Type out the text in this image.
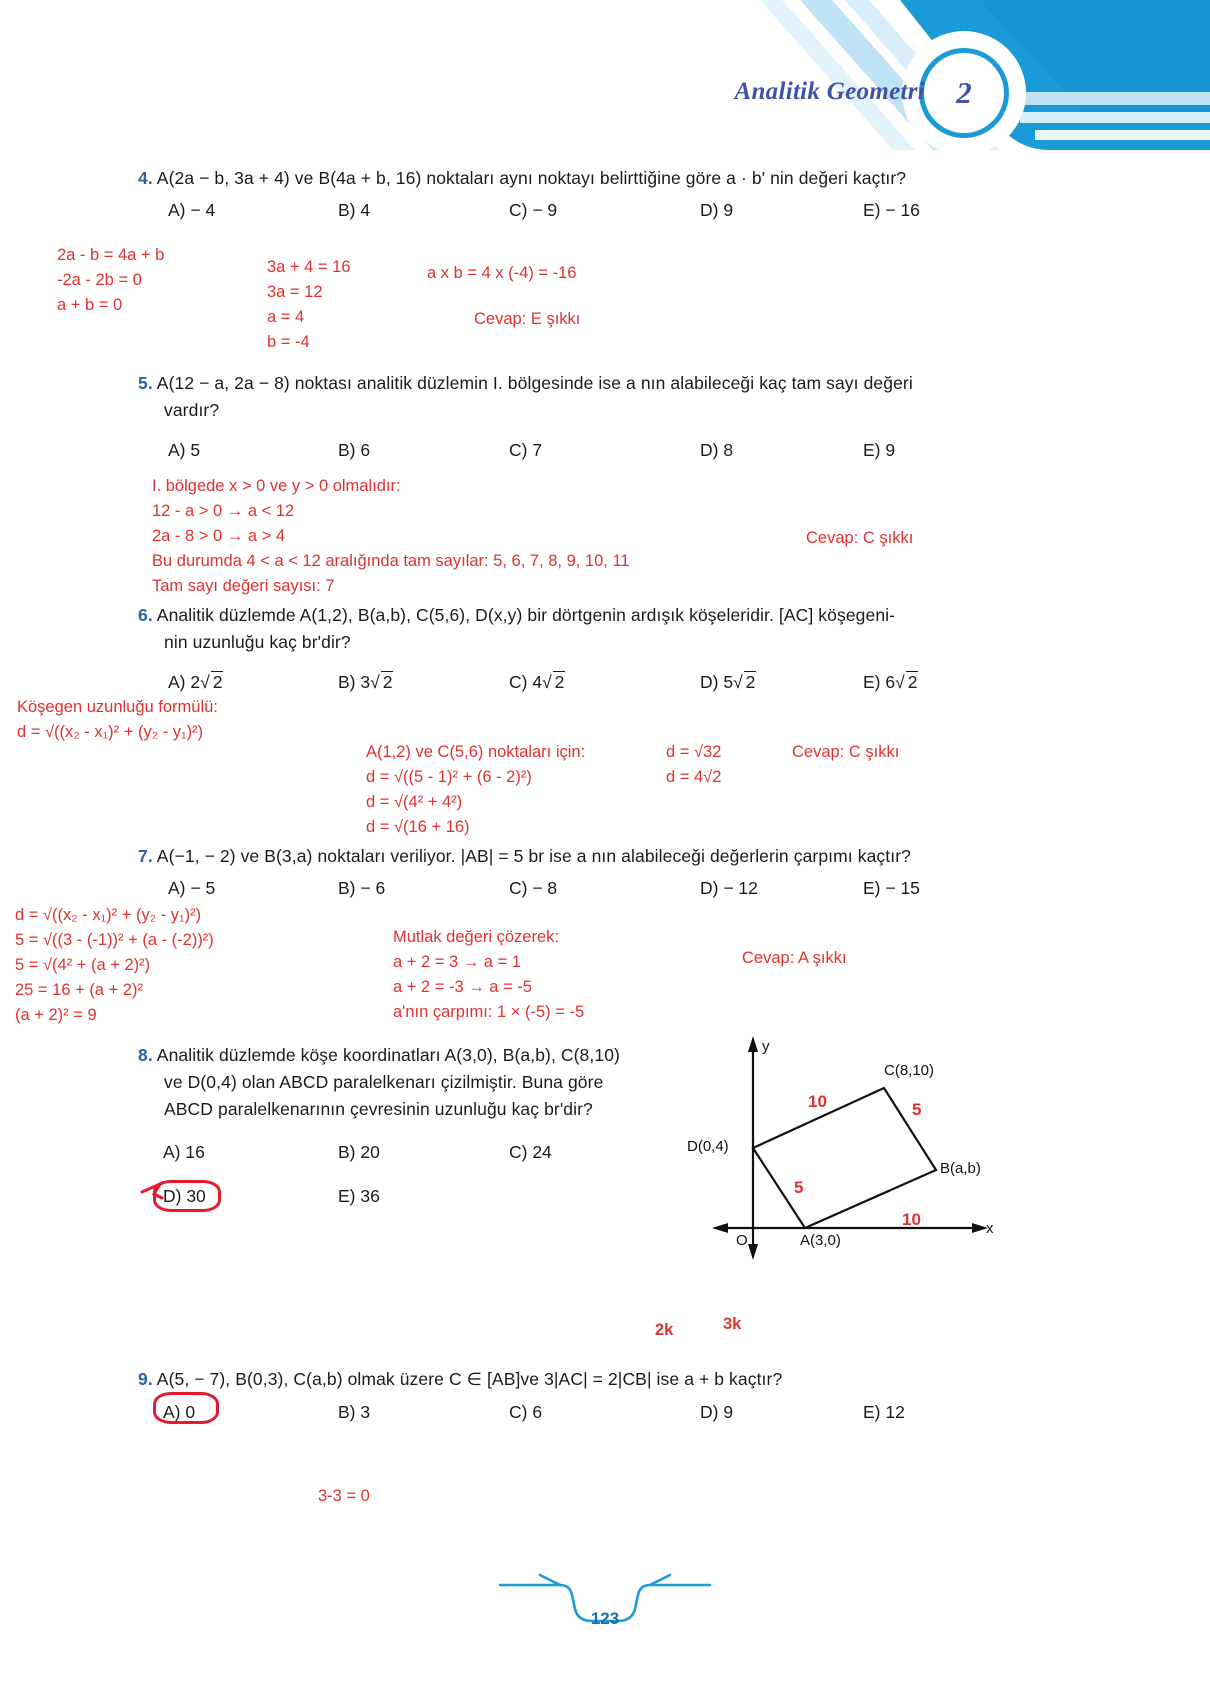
2
Analitik Geometri
4. A(2a − b, 3a + 4) ve B(4a + b, 16) noktaları aynı noktayı belirttiğine göre a · b' nin değeri kaçtır?
A) − 4	B) 4	C) − 9	D) 9	E) − 16
2a - b = 4a + b
-2a - 2b = 0
a + b = 0
3a + 4 = 16
3a = 12
a = 4
b = -4
a x b = 4 x (-4) = -16
Cevap: E şıkkı
5. A(12 − a, 2a − 8) noktası analitik düzlemin I. bölgesinde ise a nın alabileceği kaç tam sayı değeri
vardır?
A) 5	B) 6	C) 7	D) 8	E) 9
I. bölgede x > 0 ve y > 0 olmalıdır:
12 - a > 0 → a < 12
2a - 8 > 0 → a > 4
Bu durumda 4 < a < 12 aralığında tam sayılar: 5, 6, 7, 8, 9, 10, 11
Tam sayı değeri sayısı: 7
Cevap: C şıkkı
6. Analitik düzlemde A(1,2), B(a,b), C(5,6), D(x,y) bir dörtgenin ardışık köşeleridir. [AC] köşegeni-
nin uzunluğu kaç br'dir?
A) 2√ 2	B) 3√ 2	C) 4√ 2	D) 5√ 2	E) 6√ 2
Köşegen uzunluğu formülü:
d = √((x₂ - x₁)² + (y₂ - y₁)²)
A(1,2) ve C(5,6) noktaları için:
d = √((5 - 1)² + (6 - 2)²)
d = √(4² + 4²)
d = √(16 + 16)
d = √32
d = 4√2
Cevap: C şıkkı
7. A(−1, − 2) ve B(3,a) noktaları veriliyor. |AB| = 5 br ise a nın alabileceği değerlerin çarpımı kaçtır?
A) − 5	B) − 6	C) − 8	D) − 12	E) − 15
d = √((x₂ - x₁)² + (y₂ - y₁)²)
5 = √((3 - (-1))² + (a - (-2))²)
5 = √(4² + (a + 2)²)
25 = 16 + (a + 2)²
(a + 2)² = 9
Mutlak değeri çözerek:
a + 2 = 3 → a = 1
a + 2 = -3 → a = -5
a'nın çarpımı: 1 × (-5) = -5
Cevap: A şıkkı
8. Analitik düzlemde köşe koordinatları A(3,0), B(a,b), C(8,10)
ve D(0,4) olan ABCD paralelkenarı çizilmiştir. Buna göre
ABCD paralelkenarının çevresinin uzunluğu kaç br'dir?
A) 16	B) 20	C) 24
D) 30	E) 36
y
x
O
C(8,10)
D(0,4)
B(a,b)
A(3,0)
10	5
5
10
2k	3k
9. A(5, − 7), B(0,3), C(a,b) olmak üzere C ∈ [AB]ve 3|AC| = 2|CB| ise a + b kaçtır?
A) 0	B) 3	C) 6	D) 9	E) 12
3-3 = 0
123
